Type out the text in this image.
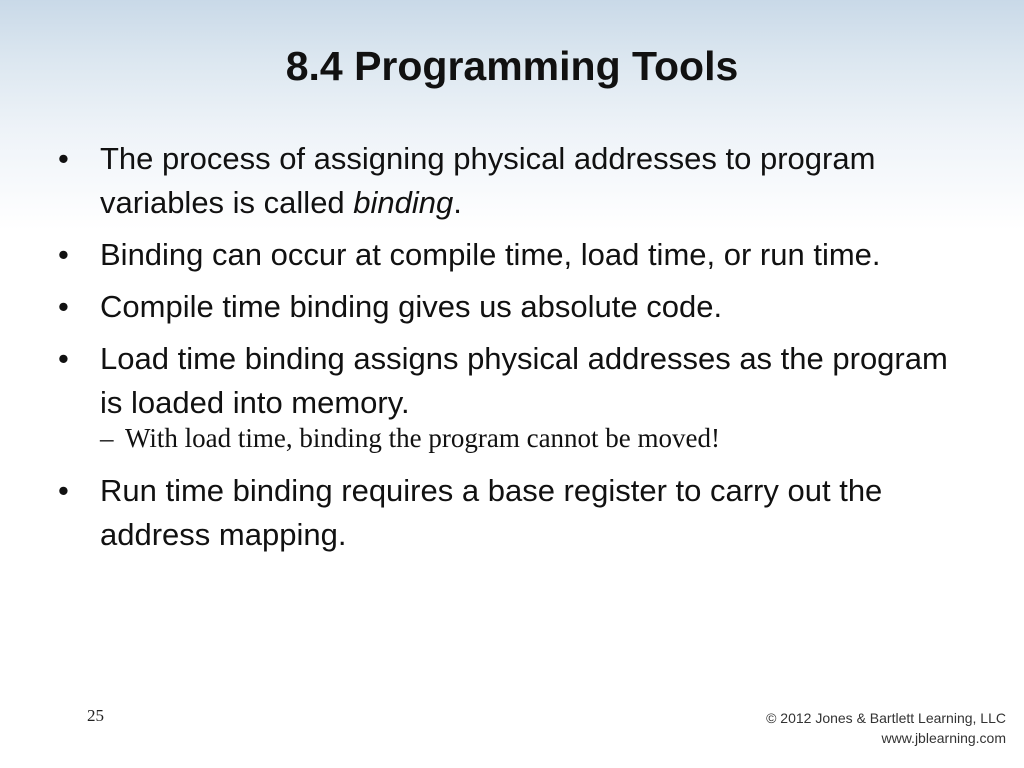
8.4 Programming Tools
•	The process of assigning physical addresses to program variables is called binding.
•	Binding can occur at compile time, load time, or run time.
•	Compile time binding gives us absolute code.
•	Load time binding assigns physical addresses as the program is loaded into memory.
– With load time, binding the program cannot be moved!
•	Run time binding requires a base register to carry out the address mapping.
25	© 2012 Jones & Bartlett Learning, LLC
www.jblearning.com
